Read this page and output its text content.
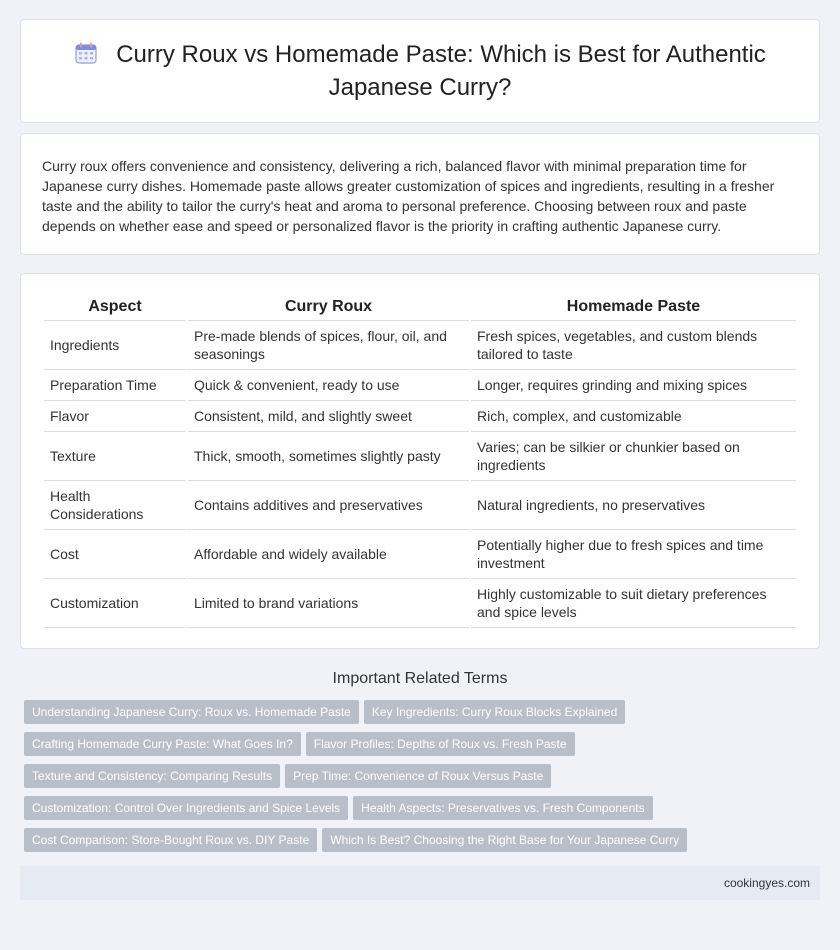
Curry Roux vs Homemade Paste: Which is Best for Authentic Japanese Curry?
Curry roux offers convenience and consistency, delivering a rich, balanced flavor with minimal preparation time for Japanese curry dishes. Homemade paste allows greater customization of spices and ingredients, resulting in a fresher taste and the ability to tailor the curry's heat and aroma to personal preference. Choosing between roux and paste depends on whether ease and speed or personalized flavor is the priority in crafting authentic Japanese curry.
Aspect	Curry Roux	Homemade Paste
Ingredients	Pre-made blends of spices, flour, oil, and seasonings	Fresh spices, vegetables, and custom blends tailored to taste
Preparation Time	Quick & convenient, ready to use	Longer, requires grinding and mixing spices
Flavor	Consistent, mild, and slightly sweet	Rich, complex, and customizable
Texture	Thick, smooth, sometimes slightly pasty	Varies; can be silkier or chunkier based on ingredients
Health Considerations	Contains additives and preservatives	Natural ingredients, no preservatives
Cost	Affordable and widely available	Potentially higher due to fresh spices and time investment
Customization	Limited to brand variations	Highly customizable to suit dietary preferences and spice levels
Important Related Terms
Understanding Japanese Curry: Roux vs. Homemade Paste Key Ingredients: Curry Roux Blocks Explained
Crafting Homemade Curry Paste: What Goes In? Flavor Profiles: Depths of Roux vs. Fresh Paste
Texture and Consistency: Comparing Results Prep Time: Convenience of Roux Versus Paste
Customization: Control Over Ingredients and Spice Levels Health Aspects: Preservatives vs. Fresh Components
Cost Comparison: Store-Bought Roux vs. DIY Paste Which Is Best? Choosing the Right Base for Your Japanese Curry
cookingyes.com
